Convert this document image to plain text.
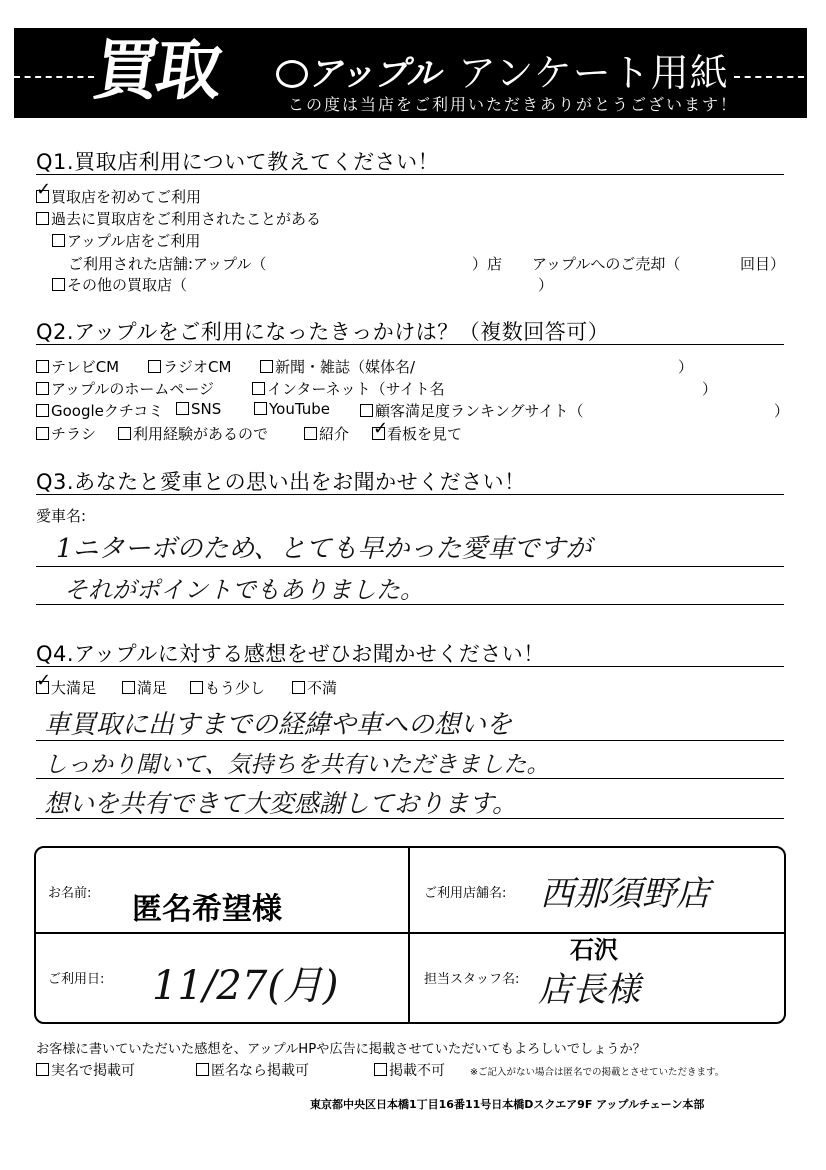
買取 アップル アンケート用紙
この度は当店をご利用いただきありがとうございます！
Q1.買取店利用について教えてください！
✓ 買取店を初めてご利用
過去に買取店をご利用されたことがある
アップル店をご利用
ご利用された店舗:アップル（	）店 アップルへのご売却（	回目）
その他の買取店（	）
Q2.アップルをご利用になったきっかけは？（複数回答可）
テレビCM	ラジオCM	新聞・雑誌（媒体名/	）
アップルのホームページ	インターネット（サイト名	）
Googleクチコミ	SNS	YouTube	顧客満足度ランキングサイト（	）
チラシ	利用経験があるので	紹介 ✓
看板を見て
Q3.あなたと愛車との思い出をお聞かせください！
愛車名:
1ニターボのため、とても早かった愛車ですが
それがポイントでもありました。
Q4.アップルに対する感想をぜひお聞かせください！
✓ 大満足	満足	もう少し	不満
車買取に出すまでの経緯や車への想いを
しっかり聞いて、気持ちを共有いただきました。
想いを共有できて大変感謝しております。
お名前: 匿名希望様	ご利用店舗名: 西那須野店
ご利用日: 11/27(月)	担当スタッフ名:
石沢
店長様
お客様に書いていただいた感想を、アップルHPや広告に掲載させていただいてもよろしいでしょうか？
実名で掲載可	匿名なら掲載可	掲載不可	※ご記入がない場合は匿名での掲載とさせていただきます。
東京都中央区日本橋1丁目16番11号日本橋Dスクエア9F アップルチェーン本部
